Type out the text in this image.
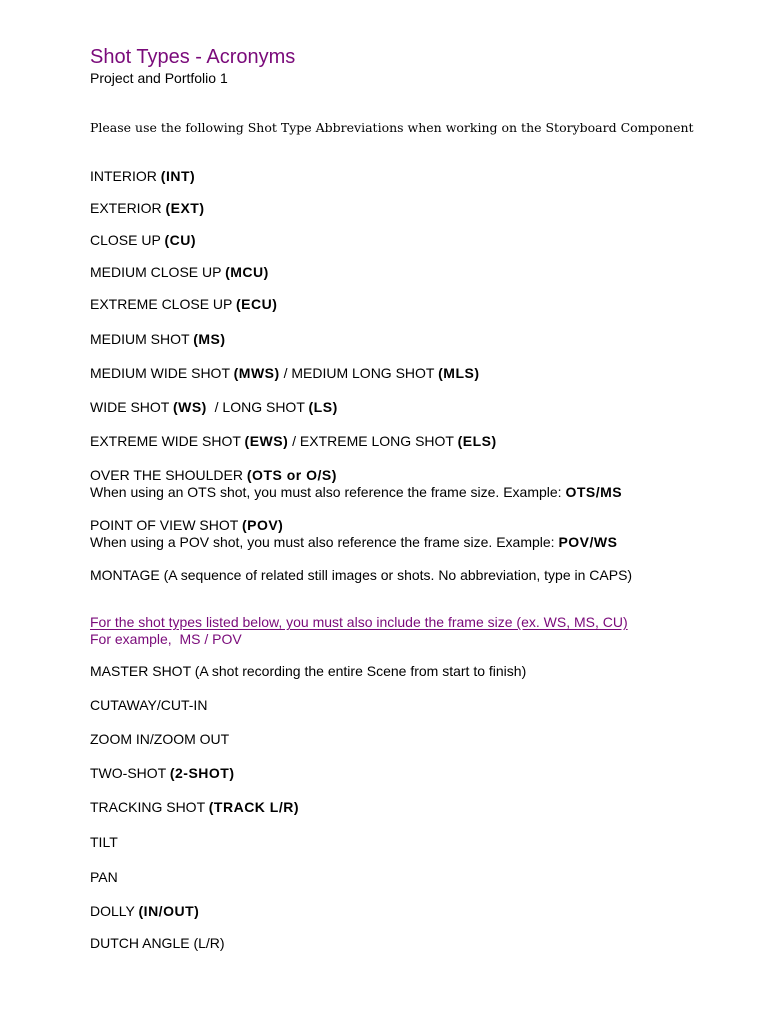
Shot Types - Acronyms
Project and Portfolio 1
Please use the following Shot Type Abbreviations when working on the Storyboard Component
INTERIOR (INT)
EXTERIOR (EXT)
CLOSE UP (CU)
MEDIUM CLOSE UP (MCU)
EXTREME CLOSE UP (ECU)
MEDIUM SHOT (MS)
MEDIUM WIDE SHOT (MWS) / MEDIUM LONG SHOT (MLS)
WIDE SHOT (WS)  / LONG SHOT (LS)
EXTREME WIDE SHOT (EWS) / EXTREME LONG SHOT (ELS)
OVER THE SHOULDER (OTS or O/S)
When using an OTS shot, you must also reference the frame size. Example: OTS/MS
POINT OF VIEW SHOT (POV)
When using a POV shot, you must also reference the frame size. Example: POV/WS
MONTAGE (A sequence of related still images or shots. No abbreviation, type in CAPS)
For the shot types listed below, you must also include the frame size (ex. WS, MS, CU)
For example,  MS / POV
MASTER SHOT (A shot recording the entire Scene from start to finish)
CUTAWAY/CUT-IN
ZOOM IN/ZOOM OUT
TWO-SHOT (2-SHOT)
TRACKING SHOT (TRACK L/R)
TILT
PAN
DOLLY (IN/OUT)
DUTCH ANGLE (L/R)
